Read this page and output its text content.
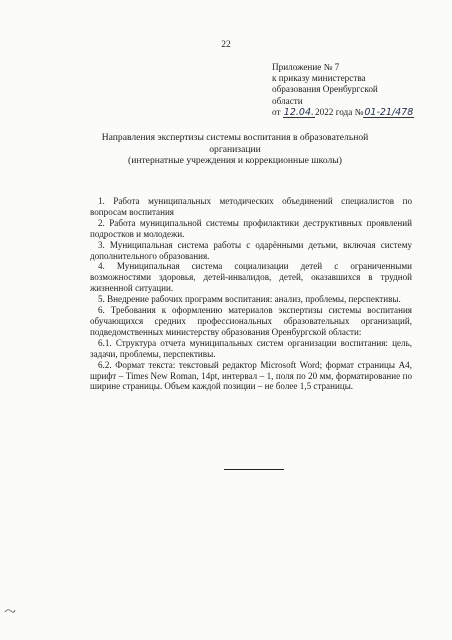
22
Приложение № 7
к приказу министерства
образования Оренбургской
области
от 12.04.2022 года №01-21/478
Направления экспертизы системы воспитания в образовательной
организации
(интернатные учреждения и коррекционные школы)

1. Работа муниципальных методических объединений специалистов по вопросам воспитания

2. Работа муниципальной системы профилактики деструктивных проявлений подростков и молодежи.

3. Муниципальная система работы с одарёнными детьми, включая систему дополнительного образования.

4. Муниципальная система социализации детей с ограниченными возможностями здоровья, детей-инвалидов, детей, оказавшихся в трудной жизненной ситуации.

5. Внедрение рабочих программ воспитания: анализ, проблемы, перспективы.

6. Требования к оформлению материалов экспертизы системы воспитания обучающихся средних профессиональных образовательных организаций, подведомственных министерству образования Оренбургской области:

6.1. Структура отчета муниципальных систем организации воспитания: цель, задачи, проблемы, перспективы.

6.2. Формат текста: текстовый редактор Microsoft Word; формат страницы А4, шрифт – Times New Roman, 14pt, интервал – 1, поля по 20 мм, форматирование по ширине страницы. Объем каждой позиции – не более 1,5 страницы.
